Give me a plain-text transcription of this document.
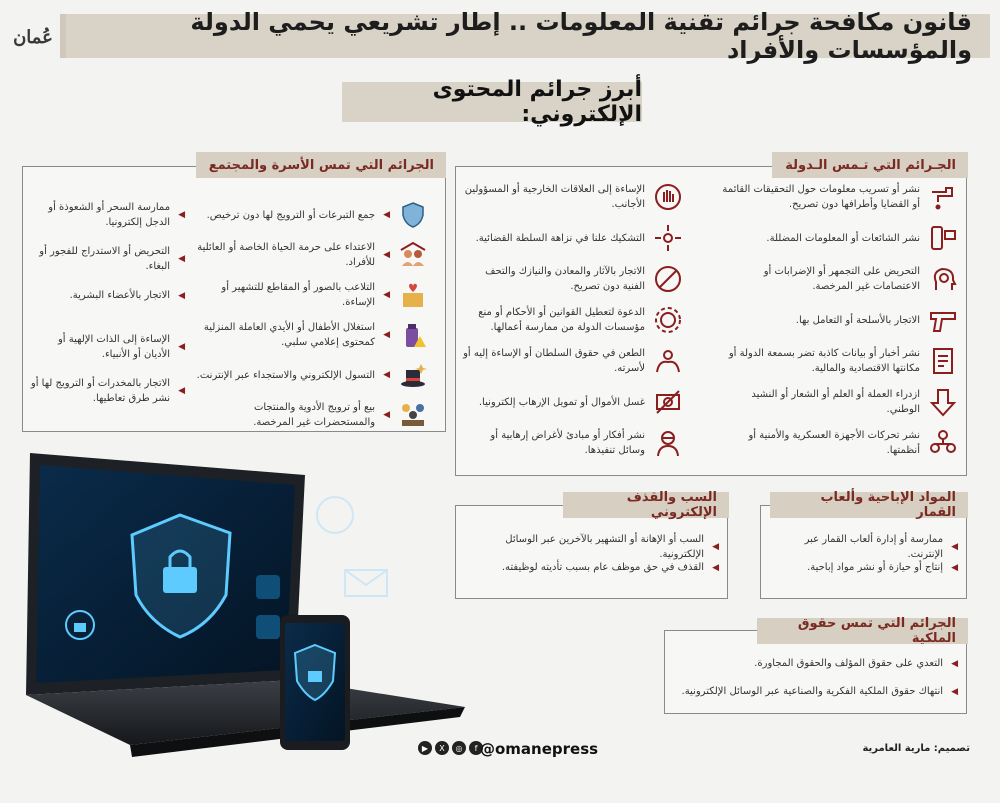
قانون مكافحة جرائم تقنية المعلومات .. إطار تشريعي يحمي الدولة والمؤسسات والأفراد
عُمان
أبرز جرائم المحتوى الإلكتروني:
الجـرائم التي تـمس الـدولة
الجرائم التي تمس الأسرة والمجتمع
المواد الإباحية وألعاب القمار
السب والقذف الإلكتروني
الجرائم التي تمس حقوق الملكية
نشر أو تسريب معلومات حول التحقيقات القائمة أو القضايا وأطرافها دون تصريح.
نشر الشائعات أو المعلومات المضللة.
التحريض على التجمهر أو الإضرابات أو الاعتصامات غير المرخصة.
الاتجار بالأسلحة أو التعامل بها.
نشر أخبار أو بيانات كاذبة تضر بسمعة الدولة أو مكانتها الاقتصادية والمالية.
ازدراء العملة أو العلم أو الشعار أو النشيد الوطني.
نشر تحركات الأجهزة العسكرية والأمنية أو أنظمتها.
الإساءة إلى العلاقات الخارجية أو المسؤولين الأجانب.
التشكيك علنا في نزاهة السلطة القضائية.
الاتجار بالآثار والمعادن والنيازك والتحف الفنية دون تصريح.
الدعوة لتعطيل القوانين أو الأحكام أو منع مؤسسات الدولة من ممارسة أعمالها.
الطعن في حقوق السلطان أو الإساءة إليه أو لأسرته.
غسل الأموال أو تمويل الإرهاب إلكترونيا.
نشر أفكار أو مبادئ لأغراض إرهابية أو وسائل تنفيذها.
◀
جمع التبرعات أو الترويج لها دون ترخيص.
◀
الاعتداء على حرمة الحياة الخاصة أو العائلية للأفراد.
◀
التلاعب بالصور أو المقاطع للتشهير أو الإساءة.
◀
استغلال الأطفال أو الأيدي العاملة المنزلية كمحتوى إعلامي سلبي.
◀
التسول الإلكتروني والاستجداء عبر الإنترنت.
◀
بيع أو ترويج الأدوية والمنتجات والمستحضرات غير المرخصة.
◀
ممارسة السحر أو الشعوذة أو الدجل إلكترونيا.
◀
التحريض أو الاستدراج للفجور أو البغاء.
◀
الاتجار بالأعضاء البشرية.
◀
الإساءة إلى الذات الإلهية أو الأديان أو الأنبياء.
◀
الاتجار بالمخدرات أو الترويج لها أو نشر طرق تعاطيها.
◀
ممارسة أو إدارة ألعاب القمار عبر الإنترنت.
◀
إنتاج أو حيازة أو نشر مواد إباحية.
◀
السب أو الإهانة أو التشهير بالآخرين عبر الوسائل الإلكترونية.
◀
القذف في حق موظف عام بسبب تأديته لوظيفته.
◀
التعدي على حقوق المؤلف والحقوق المجاورة.
◀
انتهاك حقوق الملكية الفكرية والصناعية عبر الوسائل الإلكترونية.
▶	X	◎	f @omanepress	تصميم: مارية العامرية
